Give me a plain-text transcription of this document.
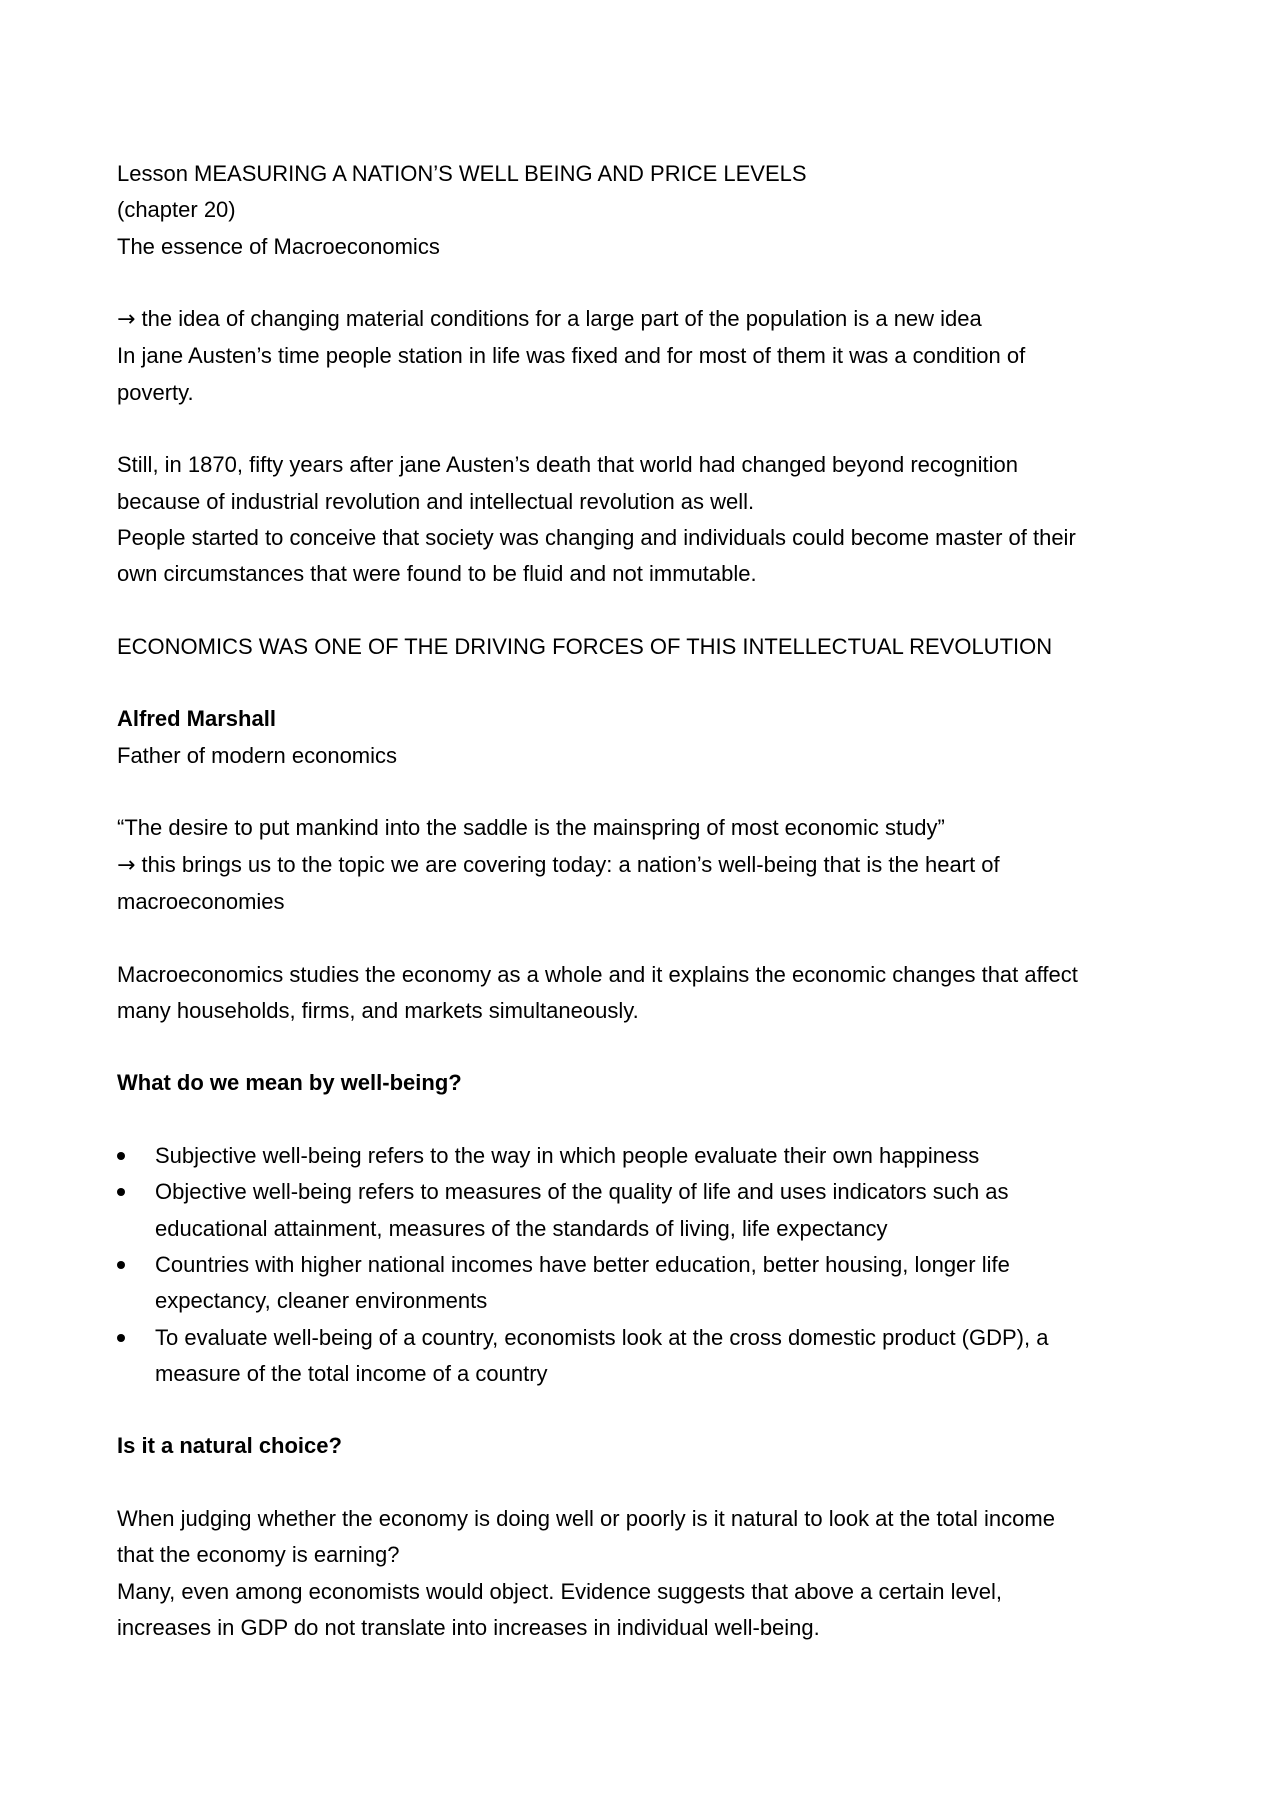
Lesson MEASURING A NATION’S WELL BEING AND PRICE LEVELS
(chapter 20)
The essence of Macroeconomics
→ the idea of changing material conditions for a large part of the population is a new idea
In jane Austen’s time people station in life was fixed and for most of them it was a condition of
poverty.
Still, in 1870, fifty years after jane Austen’s death that world had changed beyond recognition
because of industrial revolution and intellectual revolution as well.
People started to conceive that society was changing and individuals could become master of their
own circumstances that were found to be fluid and not immutable.
ECONOMICS WAS ONE OF THE DRIVING FORCES OF THIS INTELLECTUAL REVOLUTION
Alfred Marshall
Father of modern economics
“The desire to put mankind into the saddle is the mainspring of most economic study”
→ this brings us to the topic we are covering today: a nation’s well-being that is the heart of
macroeconomies
Macroeconomics studies the economy as a whole and it explains the economic changes that affect
many households, firms, and markets simultaneously.
What do we mean by well-being?
Subjective well-being refers to the way in which people evaluate their own happiness
Objective well-being refers to measures of the quality of life and uses indicators such as
educational attainment, measures of the standards of living, life expectancy
Countries with higher national incomes have better education, better housing, longer life
expectancy, cleaner environments
To evaluate well-being of a country, economists look at the cross domestic product (GDP), a
measure of the total income of a country
Is it a natural choice?
When judging whether the economy is doing well or poorly is it natural to look at the total income
that the economy is earning?
Many, even among economists would object. Evidence suggests that above a certain level,
increases in GDP do not translate into increases in individual well-being.
